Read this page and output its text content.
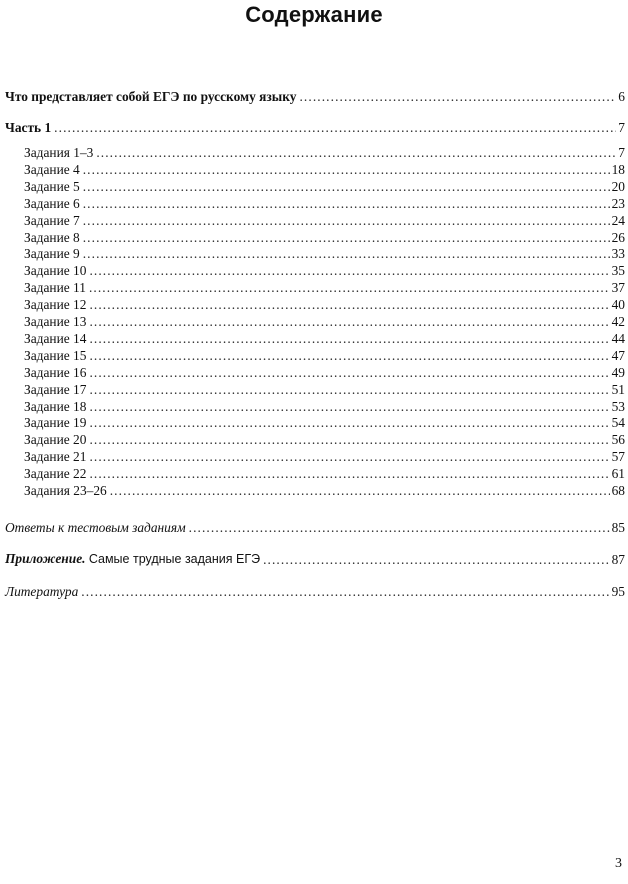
Содержание
Что представляет собой ЕГЭ по русскому языку .....	6
Часть 1 .....	7
Задания 1–3 .....	7
Задание 4 .....	18
Задание 5 .....	20
Задание 6 .....	23
Задание 7 .....	24
Задание 8 .....	26
Задание 9 .....	33
Задание 10 .....	35
Задание 11 .....	37
Задание 12 .....	40
Задание 13 .....	42
Задание 14 .....	44
Задание 15 .....	47
Задание 16 .....	49
Задание 17 .....	51
Задание 18 .....	53
Задание 19 .....	54
Задание 20 .....	56
Задание 21 .....	57
Задание 22 .....	61
Задания 23–26 .....	68
Ответы к тестовым заданиям .....	85
Приложение. Самые трудные задания ЕГЭ .....	87
Литература .....	95
3
